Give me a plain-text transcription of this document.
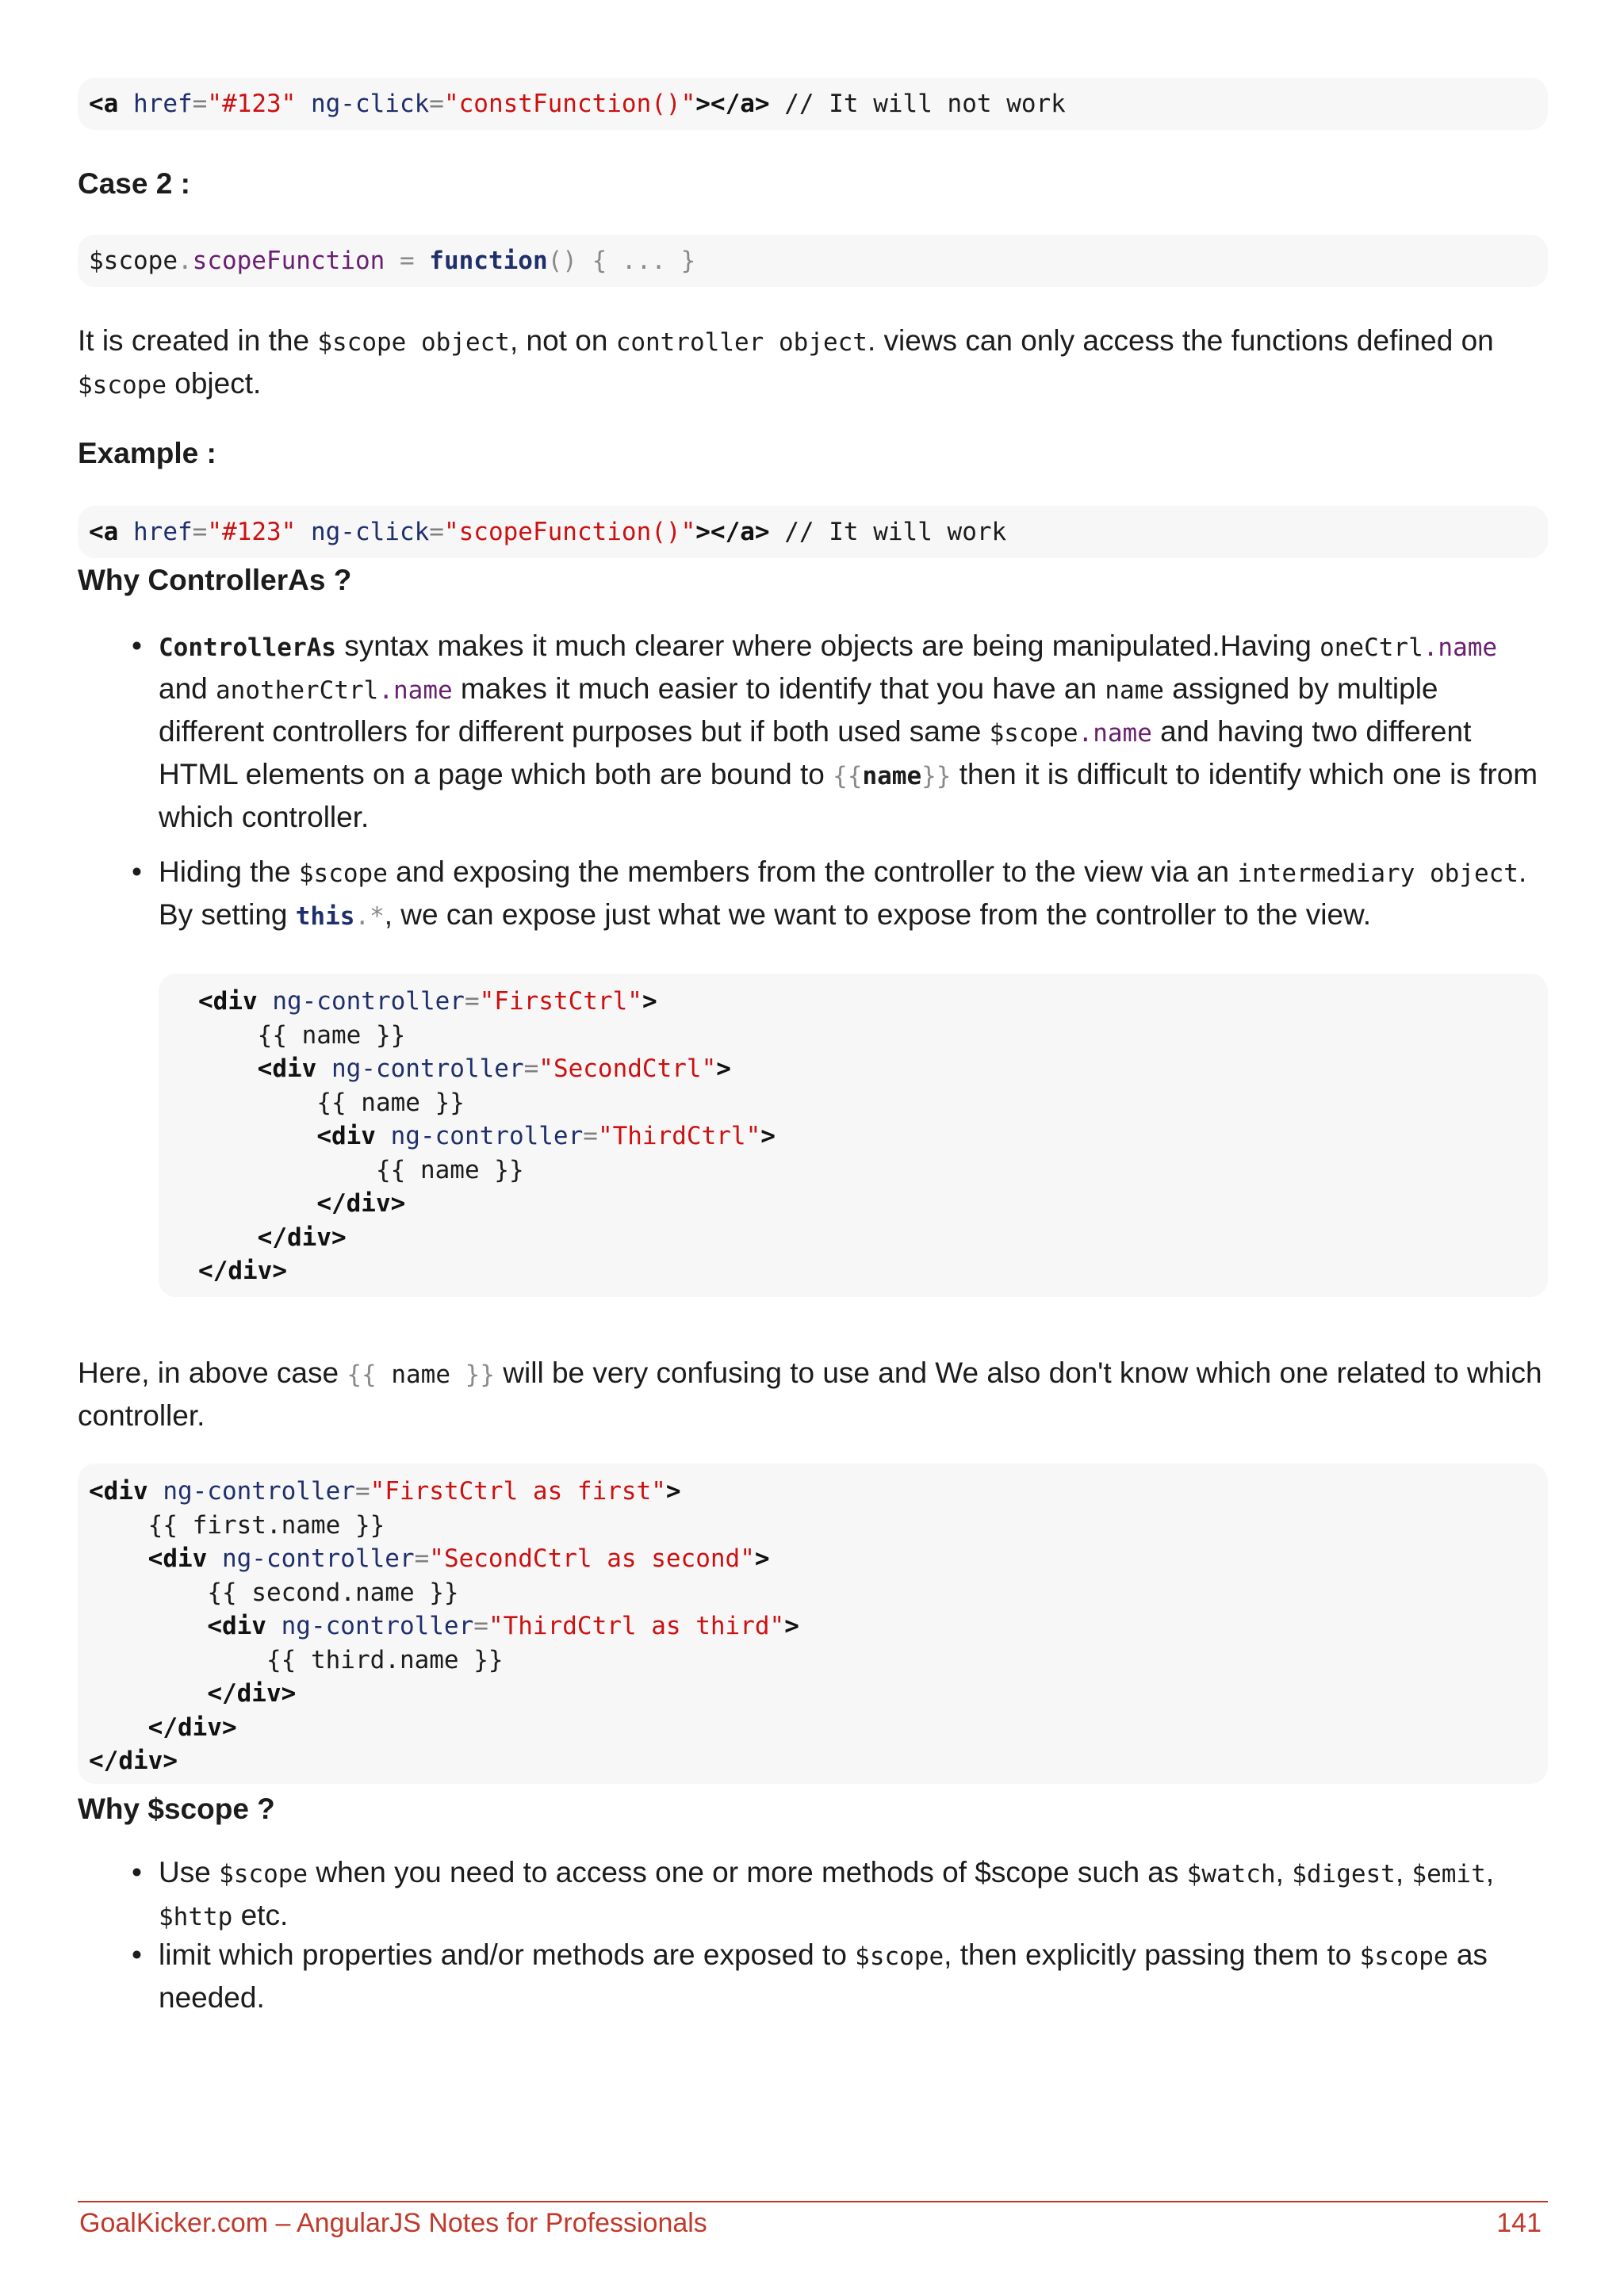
<a href="#123" ng-click="constFunction()"></a> // It will not work
Case 2 :
$scope.scopeFunction = function() { ... }
It is created in the $scope object, not on controller object. views can only access the functions defined on $scope object.
Example :
<a href="#123" ng-click="scopeFunction()"></a> // It will work
Why ControllerAs ?
• ControllerAs syntax makes it much clearer where objects are being manipulated.Having oneCtrl.name and anotherCtrl.name makes it much easier to identify that you have an name assigned by multiple different controllers for different purposes but if both used same $scope.name and having two different HTML elements on a page which both are bound to {{name}} then it is difficult to identify which one is from which controller.
• Hiding the $scope and exposing the members from the controller to the view via an intermediary object. By setting this.*, we can expose just what we want to expose from the controller to the view.
<div ng-controller="FirstCtrl">
{{ name }}
<div ng-controller="SecondCtrl">
{{ name }}
<div ng-controller="ThirdCtrl">
{{ name }}
</div>
</div>
</div>
Here, in above case {{ name }} will be very confusing to use and We also don't know which one related to which controller.
<div ng-controller="FirstCtrl as first">
{{ first.name }}
<div ng-controller="SecondCtrl as second">
{{ second.name }}
<div ng-controller="ThirdCtrl as third">
{{ third.name }}
</div>
</div>
</div>
Why $scope ?
• Use $scope when you need to access one or more methods of $scope such as $watch, $digest, $emit, $http etc.
• limit which properties and/or methods are exposed to $scope, then explicitly passing them to $scope as needed.
GoalKicker.com – AngularJS Notes for Professionals	141
